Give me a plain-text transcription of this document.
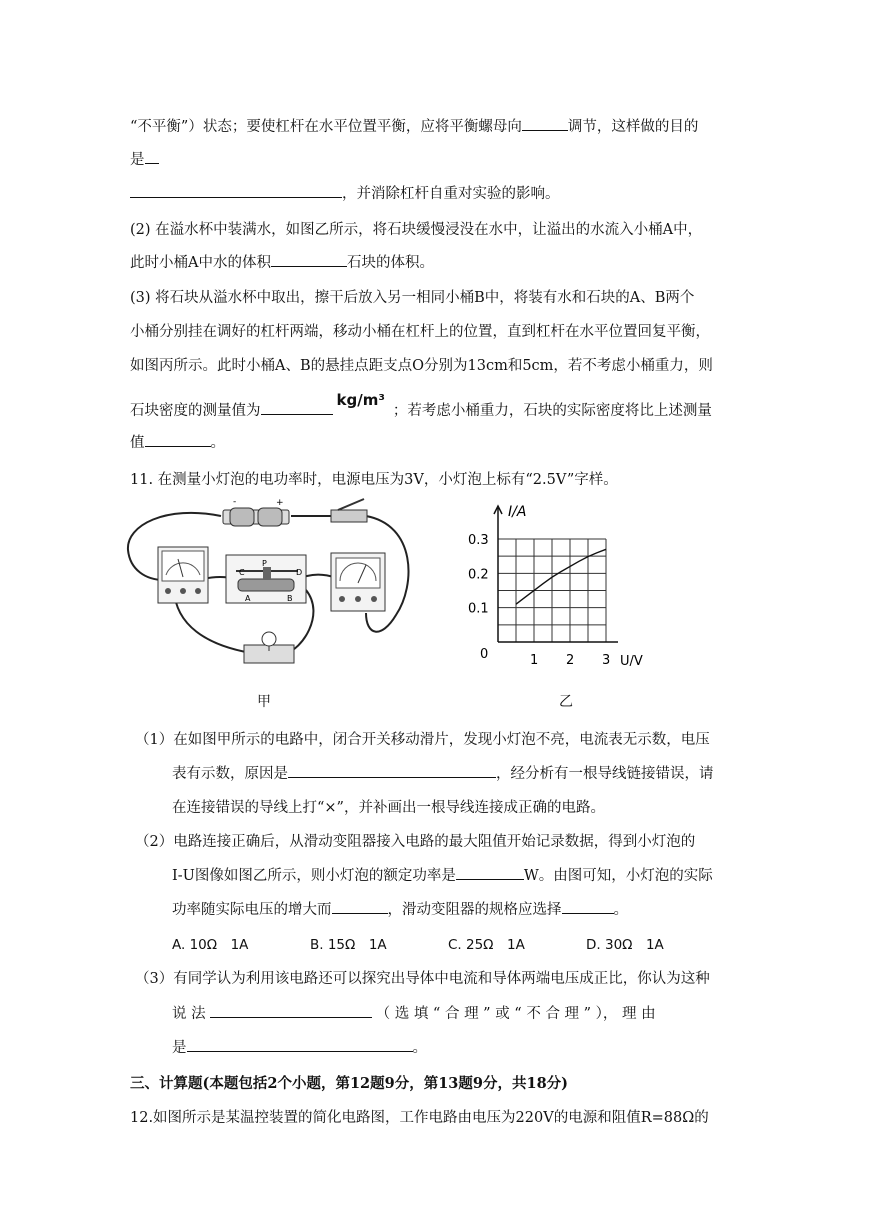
“不平衡”）状态；要使杠杆在水平位置平衡，应将平衡螺母向	调节，这样做的目的
是
，并消除杠杆自重对实验的影响。
(2) 在溢水杯中装满水，如图乙所示，将石块缓慢浸没在水中，让溢出的水流入小桶A中，
此时小桶A中水的体积	石块的体积。
(3) 将石块从溢水杯中取出，擦干后放入另一相同小桶B中，将装有水和石块的A、B两个
小桶分别挂在调好的杠杆两端，移动小桶在杠杆上的位置，直到杠杆在水平位置回复平衡，
如图丙所示。此时小桶A、B的悬挂点距支点O分别为13cm和5cm，若不考虑小桶重力，则
石块密度的测量值为kg/m³；若考虑小桶重力，石块的实际密度将比上述测量
值	。
11. 在测量小灯泡的电功率时，电源电压为3V，小灯泡上标有“2.5V”字样。
-	+
C
P
D
A	B
甲
1 2 3
0.1
0.2
0.3
I/A
U/V
0
乙
（1）在如图甲所示的电路中，闭合开关移动滑片，发现小灯泡不亮，电流表无示数，电压
表有示数，原因是	，经分析有一根导线链接错误，请
在连接错误的导线上打“×”，并补画出一根导线连接成正确的电路。
（2）电路连接正确后，从滑动变阻器接入电路的最大阻值开始记录数据，得到小灯泡的
I-U图像如图乙所示，则小灯泡的额定功率是	W。由图可知，小灯泡的实际
功率随实际电压的增大而	，滑动变阻器的规格应选择	。
A. 10Ω　1A	B. 15Ω　1A	C. 25Ω　1A	D. 30Ω　1A
（3）有同学认为利用该电路还可以探究出导体中电流和导体两端电压成正比，你认为这种
说 法	（ 选 填 “ 合 理 ” 或 “ 不 合 理 ” ）， 理 由
是	。
三、计算题(本题包括2个小题，第12题9分，第13题9分，共18分)
12.如图所示是某温控装置的简化电路图，工作电路由电压为220V的电源和阻值R=88Ω的
